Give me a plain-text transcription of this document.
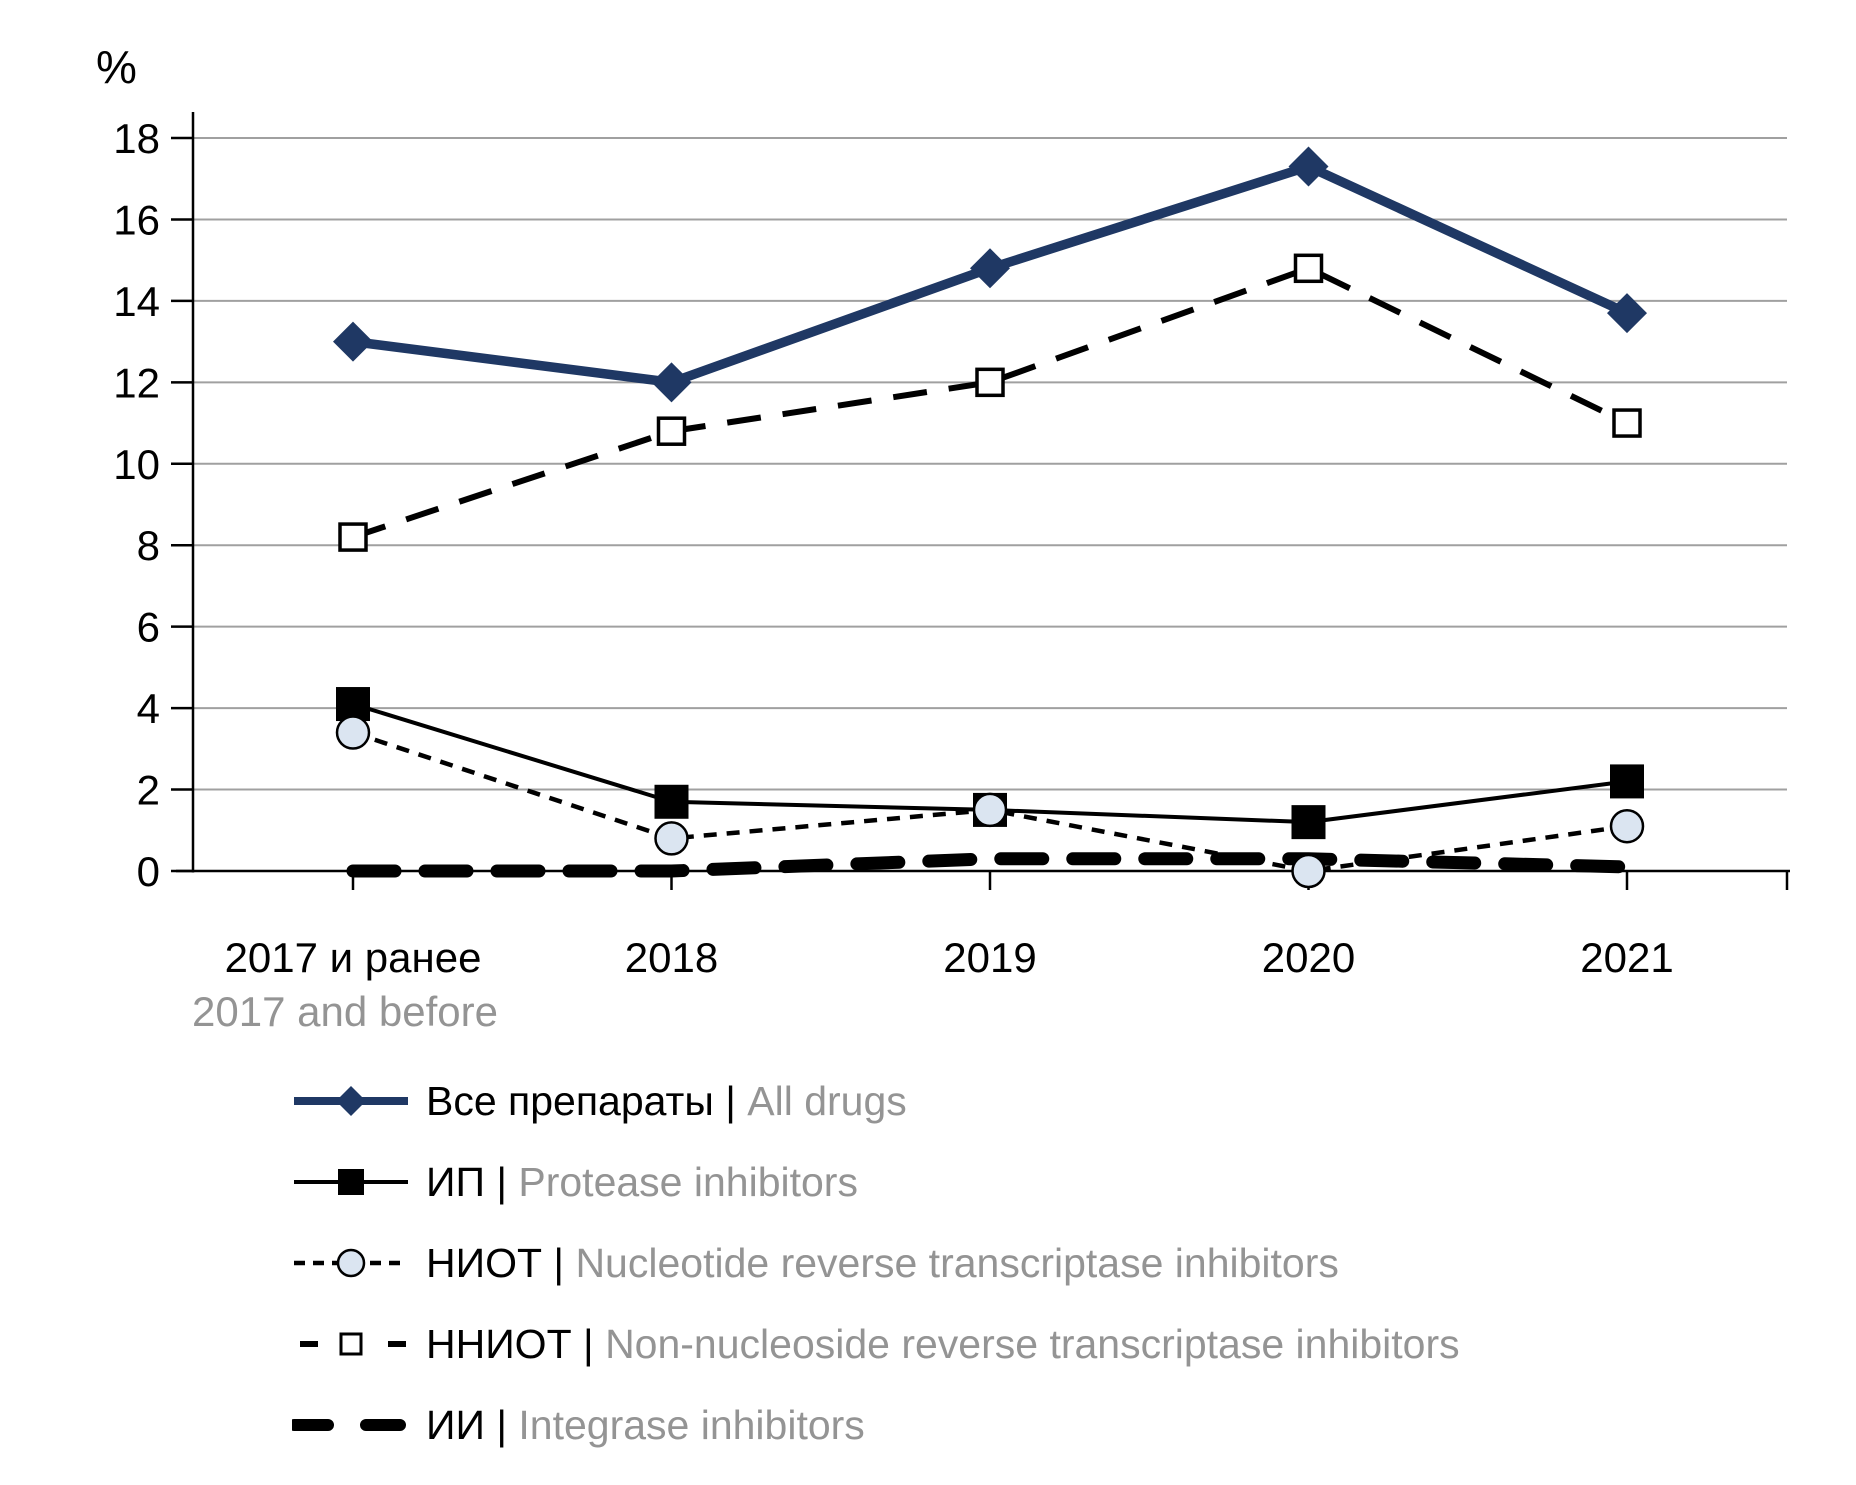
%
0
2
4
6
8
10
12
14
16
18
2017 и ранее
2017 and before
2018	2019	2020	2021
Все препараты | All drugs
ИП | Protease inhibitors
НИОТ | Nucleotide reverse transcriptase inhibitors
ННИОТ | Non-nucleoside reverse transcriptase inhibitors
ИИ | Integrase inhibitors
